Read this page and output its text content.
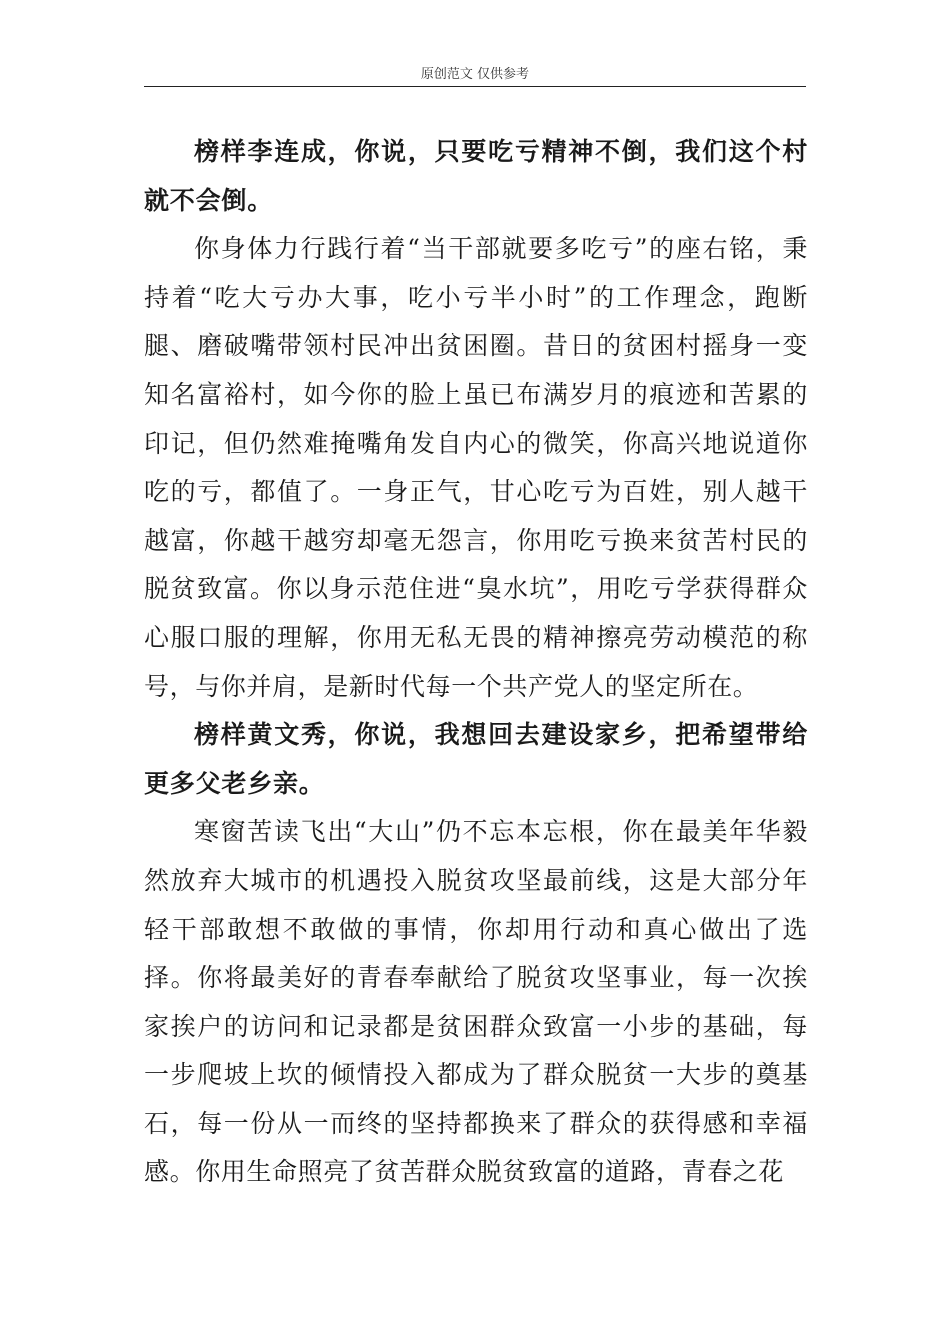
原创范文 仅供参考

榜样李连成，你说，只要吃亏精神不倒，我们这个村就不会倒。

你身体力行践行着“当干部就要多吃亏”的座右铭，秉持着“吃大亏办大事，吃小亏半小时”的工作理念，跑断腿、磨破嘴带领村民冲出贫困圈。昔日的贫困村摇身一变知名富裕村，如今你的脸上虽已布满岁月的痕迹和苦累的印记，但仍然难掩嘴角发自内心的微笑，你高兴地说道你吃的亏，都值了。一身正气，甘心吃亏为百姓，别人越干越富，你越干越穷却毫无怨言，你用吃亏换来贫苦村民的脱贫致富。你以身示范住进“臭水坑”，用吃亏学获得群众心服口服的理解，你用无私无畏的精神擦亮劳动模范的称号，与你并肩，是新时代每一个共产党人的坚定所在。

榜样黄文秀，你说，我想回去建设家乡，把希望带给更多父老乡亲。

寒窗苦读飞出“大山”仍不忘本忘根，你在最美年华毅然放弃大城市的机遇投入脱贫攻坚最前线，这是大部分年轻干部敢想不敢做的事情，你却用行动和真心做出了选择。你将最美好的青春奉献给了脱贫攻坚事业，每一次挨家挨户的访问和记录都是贫困群众致富一小步的基础，每一步爬坡上坎的倾情投入都成为了群众脱贫一大步的奠基石，每一份从一而终的坚持都换来了群众的获得感和幸福感。你用生命照亮了贫苦群众脱贫致富的道路，青春之花
